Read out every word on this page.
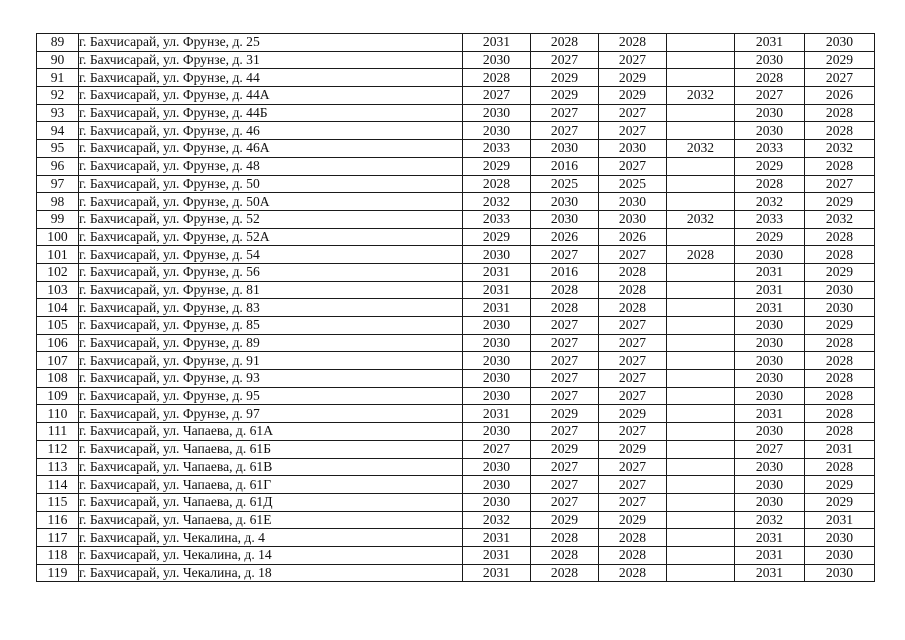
89	г. Бахчисарай, ул. Фрунзе, д. 25	2031	2028	2028		2031	2030
90	г. Бахчисарай, ул. Фрунзе, д. 31	2030	2027	2027		2030	2029
91	г. Бахчисарай, ул. Фрунзе, д. 44	2028	2029	2029		2028	2027
92	г. Бахчисарай, ул. Фрунзе, д. 44А	2027	2029	2029	2032	2027	2026
93	г. Бахчисарай, ул. Фрунзе, д. 44Б	2030	2027	2027		2030	2028
94	г. Бахчисарай, ул. Фрунзе, д. 46	2030	2027	2027		2030	2028
95	г. Бахчисарай, ул. Фрунзе, д. 46А	2033	2030	2030	2032	2033	2032
96	г. Бахчисарай, ул. Фрунзе, д. 48	2029	2016	2027		2029	2028
97	г. Бахчисарай, ул. Фрунзе, д. 50	2028	2025	2025		2028	2027
98	г. Бахчисарай, ул. Фрунзе, д. 50А	2032	2030	2030		2032	2029
99	г. Бахчисарай, ул. Фрунзе, д. 52	2033	2030	2030	2032	2033	2032
100	г. Бахчисарай, ул. Фрунзе, д. 52А	2029	2026	2026		2029	2028
101	г. Бахчисарай, ул. Фрунзе, д. 54	2030	2027	2027	2028	2030	2028
102	г. Бахчисарай, ул. Фрунзе, д. 56	2031	2016	2028		2031	2029
103	г. Бахчисарай, ул. Фрунзе, д. 81	2031	2028	2028		2031	2030
104	г. Бахчисарай, ул. Фрунзе, д. 83	2031	2028	2028		2031	2030
105	г. Бахчисарай, ул. Фрунзе, д. 85	2030	2027	2027		2030	2029
106	г. Бахчисарай, ул. Фрунзе, д. 89	2030	2027	2027		2030	2028
107	г. Бахчисарай, ул. Фрунзе, д. 91	2030	2027	2027		2030	2028
108	г. Бахчисарай, ул. Фрунзе, д. 93	2030	2027	2027		2030	2028
109	г. Бахчисарай, ул. Фрунзе, д. 95	2030	2027	2027		2030	2028
110	г. Бахчисарай, ул. Фрунзе, д. 97	2031	2029	2029		2031	2028
111	г. Бахчисарай, ул. Чапаева, д. 61А	2030	2027	2027		2030	2028
112	г. Бахчисарай, ул. Чапаева, д. 61Б	2027	2029	2029		2027	2031
113	г. Бахчисарай, ул. Чапаева, д. 61В	2030	2027	2027		2030	2028
114	г. Бахчисарай, ул. Чапаева, д. 61Г	2030	2027	2027		2030	2029
115	г. Бахчисарай, ул. Чапаева, д. 61Д	2030	2027	2027		2030	2029
116	г. Бахчисарай, ул. Чапаева, д. 61Е	2032	2029	2029		2032	2031
117	г. Бахчисарай, ул. Чекалина, д. 4	2031	2028	2028		2031	2030
118	г. Бахчисарай, ул. Чекалина, д. 14	2031	2028	2028		2031	2030
119	г. Бахчисарай, ул. Чекалина, д. 18	2031	2028	2028		2031	2030
